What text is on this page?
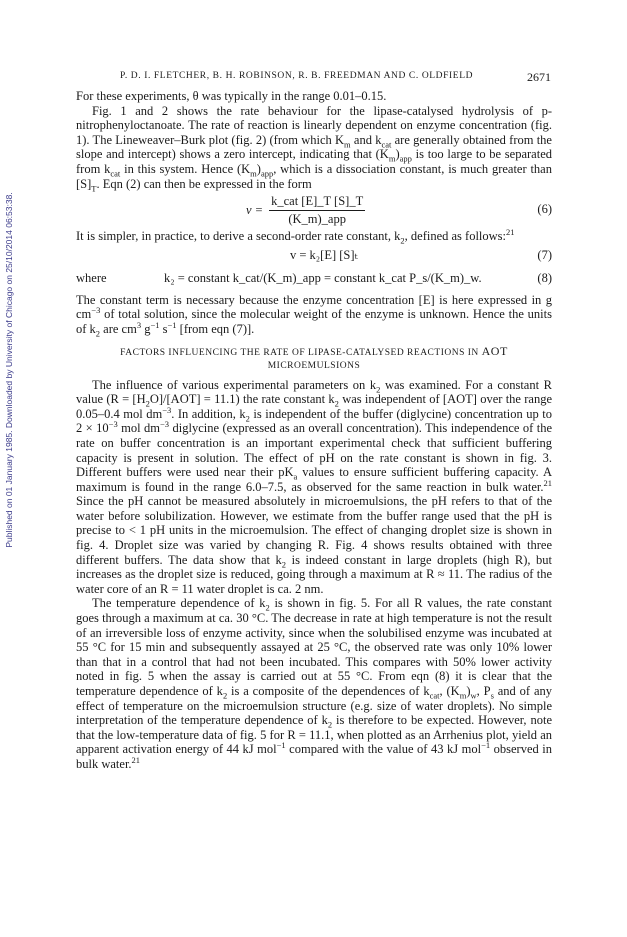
Published on 01 January 1985. Downloaded by University of Chicago on 25/10/2014 06:53:38.
P. D. I. FLETCHER, B. H. ROBINSON, R. B. FREEDMAN AND C. OLDFIELD	2671

For these experiments, θ was typically in the range 0.01–0.15.

Fig. 1 and 2 shows the rate behaviour for the lipase-catalysed hydrolysis of p-nitrophenyloctanoate. The rate of reaction is linearly dependent on enzyme concentration (fig. 1). The Lineweaver–Burk plot (fig. 2) (from which $K_m$ and $k_{cat}$ are generally obtained from the slope and intercept) shows a zero intercept, indicating that $(K_m)_{app}$ is too large to be separated from $k_{cat}$ in this system. Hence $(K_m)_{app}$, which is a dissociation constant, is much greater than $[S]_T$. Eqn (2) can then be expressed in the form

$v = \frac{\text{k\_cat [E]\_T [S]\_T}}{\text{(K\_m)\_app}}$	(6)

It is simpler, in practice, to derive a second-order rate constant, $k_2$, defined as follows:$^{21}$

v = k₂[E] [S]ₜ	(7)
where	k₂ = constant k_cat/(K_m)_app = constant k_cat P_s/(K_m)_w.	(8)

The constant term is necessary because the enzyme concentration [E] is here expressed in g $cm^{-3}$ of total solution, since the molecular weight of the enzyme is unknown. Hence the units of $k_2$ are $cm^3$ $g^{-1}$ $s^{-1}$ [from eqn (7)].

FACTORS INFLUENCING THE RATE OF LIPASE-CATALYSED REACTIONS IN AOT
MICROEMULSIONS

The influence of various experimental parameters on $k_2$ was examined. For a constant R value $(R = [H_2O]/[AOT] = 11.1)$ the rate constant $k_2$ was independent of [AOT] over the range 0.05–0.4 mol $dm^{-3}$. In addition, $k_2$ is independent of the buffer (diglycine) concentration up to $2 \times 10^{-3}$ mol $dm^{-3}$ diglycine (expressed as an overall concentration). This independence of the rate on buffer concentration is an important experimental check that sufficient buffering capacity is present in solution. The effect of pH on the rate constant is shown in fig. 3. Different buffers were used near their $pK_a$ values to ensure sufficient buffering capacity. A maximum is found in the range 6.0–7.5, as observed for the same reaction in bulk water.$^{21}$ Since the pH cannot be measured absolutely in microemulsions, the pH refers to that of the water before solubilization. However, we estimate from the buffer range used that the pH is precise to < 1 pH units in the microemulsion. The effect of changing droplet size is shown in fig. 4. Droplet size was varied by changing R. Fig. 4 shows results obtained with three different buffers. The data show that $k_2$ is indeed constant in large droplets (high R), but increases as the droplet size is reduced, going through a maximum at R ≈ 11. The radius of the water core of an R = 11 water droplet is ca. 2 nm.

The temperature dependence of $k_2$ is shown in fig. 5. For all R values, the rate constant goes through a maximum at ca. 30 °C. The decrease in rate at high temperature is not the result of an irreversible loss of enzyme activity, since when the solubilised enzyme was incubated at 55 °C for 15 min and subsequently assayed at 25 °C, the observed rate was only 10% lower than that in a control that had not been incubated. This compares with 50% lower activity noted in fig. 5 when the assay is carried out at 55 °C. From eqn (8) it is clear that the temperature dependence of $k_2$ is a composite of the dependences of $k_{cat}$, $(K_m)_w$, $P_s$ and of any effect of temperature on the microemulsion structure (e.g. size of water droplets). No simple interpretation of the temperature dependence of $k_2$ is therefore to be expected. However, note that the low-temperature data of fig. 5 for R = 11.1, when plotted as an Arrhenius plot, yield an apparent activation energy of 44 kJ mol$^{-1}$ compared with the value of 43 kJ mol$^{-1}$ observed in bulk water.$^{21}$
